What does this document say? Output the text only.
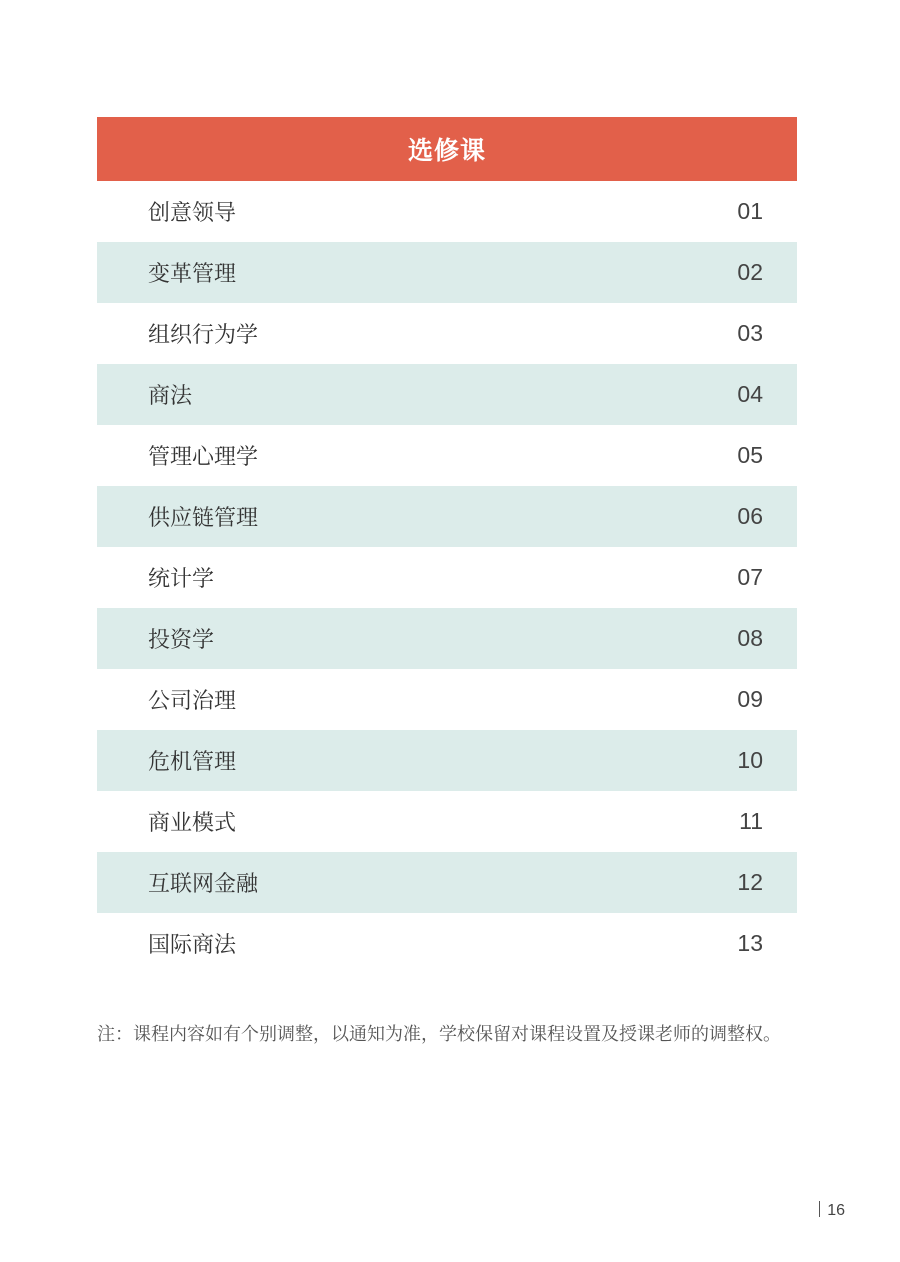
选修课
创意领导	01
变革管理	02
组织行为学	03
商法	04
管理心理学	05
供应链管理	06
统计学	07
投资学	08
公司治理	09
危机管理	10
商业模式	11
互联网金融	12
国际商法	13
注：课程内容如有个别调整，以通知为准，学校保留对课程设置及授课老师的调整权。
16
